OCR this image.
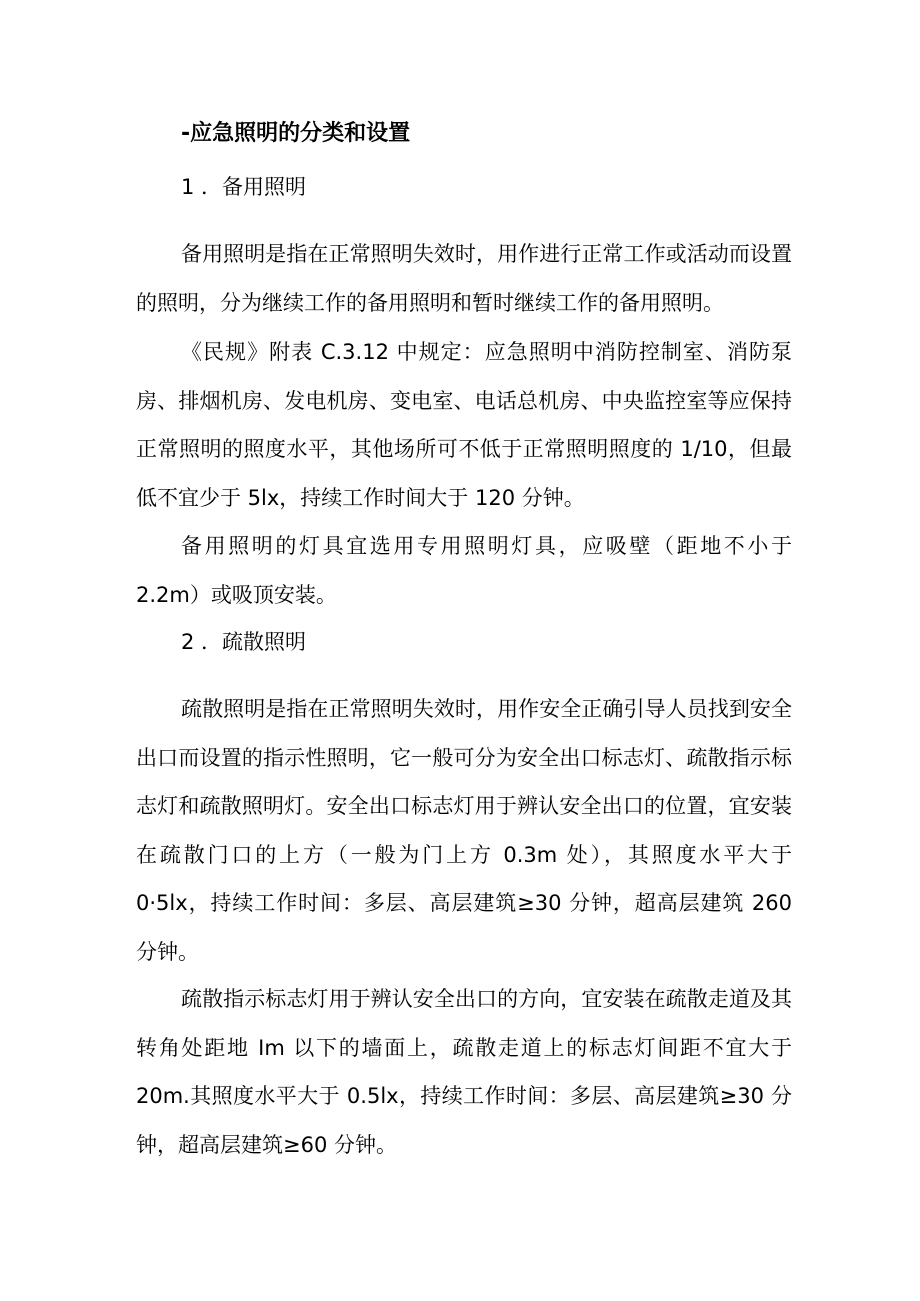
-应急照明的分类和设置
1 ．备用照明

备用照明是指在正常照明失效时，用作进行正常工作或活动而设置的照明，分为继续工作的备用照明和暂时继续工作的备用照明。

《民规》附表 C.3.12 中规定：应急照明中消防控制室、消防泵房、排烟机房、发电机房、变电室、电话总机房、中央监控室等应保持正常照明的照度水平，其他场所可不低于正常照明照度的 1/10，但最低不宜少于 5lx，持续工作时间大于 120 分钟。

备用照明的灯具宜选用专用照明灯具，应吸壁（距地不小于 2.2m）或吸顶安装。

2 ．疏散照明

疏散照明是指在正常照明失效时，用作安全正确引导人员找到安全出口而设置的指示性照明，它一般可分为安全出口标志灯、疏散指示标志灯和疏散照明灯。安全出口标志灯用于辨认安全出口的位置，宜安装在疏散门口的上方（一般为门上方 0.3m 处），其照度水平大于 0·5lx，持续工作时间：多层、高层建筑≥30 分钟，超高层建筑 260 分钟。

疏散指示标志灯用于辨认安全出口的方向，宜安装在疏散走道及其转角处距地 Im 以下的墙面上，疏散走道上的标志灯间距不宜大于 20m.其照度水平大于 0.5lx，持续工作时间：多层、高层建筑≥30 分钟，超高层建筑≥60 分钟。
